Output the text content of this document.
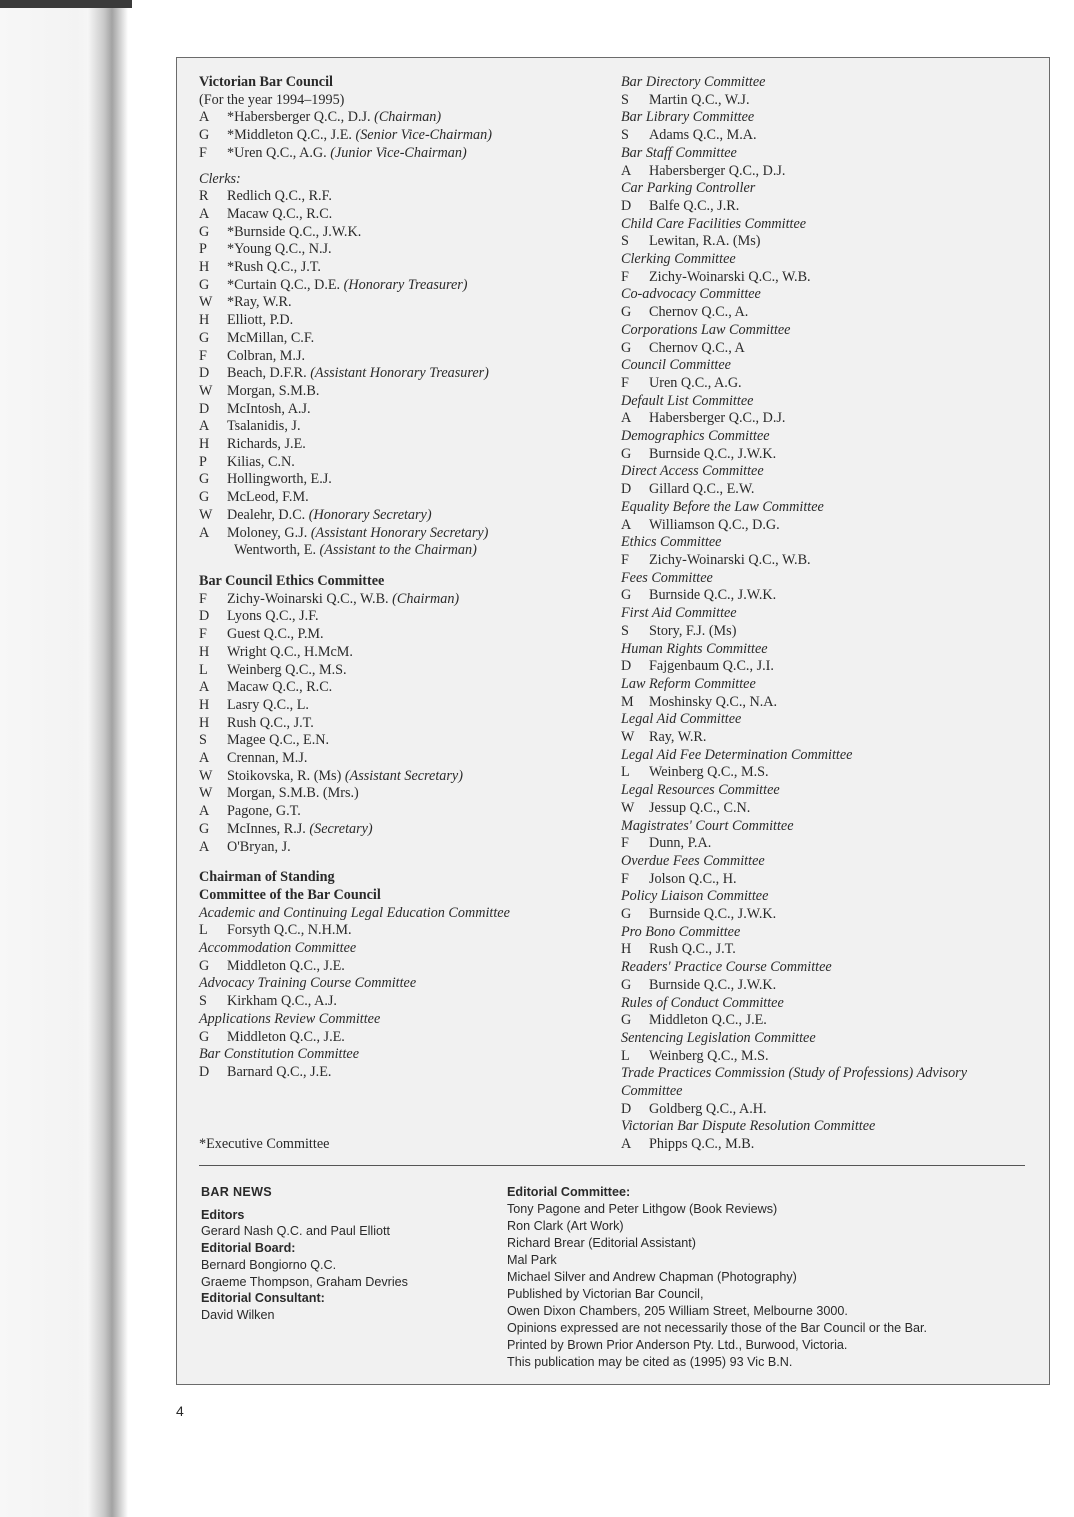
Victorian Bar Council
(For the year 1994–1995)
A *Habersberger Q.C., D.J. (Chairman)
G *Middleton Q.C., J.E. (Senior Vice-Chairman)
F *Uren Q.C., A.G. (Junior Vice-Chairman)
Clerks:
R Redlich Q.C., R.F.
A Macaw Q.C., R.C.
G *Burnside Q.C., J.W.K.
P *Young Q.C., N.J.
H *Rush Q.C., J.T.
G *Curtain Q.C., D.E. (Honorary Treasurer)
W *Ray, W.R.
H Elliott, P.D.
G McMillan, C.F.
F Colbran, M.J.
D Beach, D.F.R. (Assistant Honorary Treasurer)
W Morgan, S.M.B.
D McIntosh, A.J.
A Tsalanidis, J.
H Richards, J.E.
P Kilias, C.N.
G Hollingworth, E.J.
G McLeod, F.M.
W Dealehr, D.C. (Honorary Secretary)
A Moloney, G.J. (Assistant Honorary Secretary)
Wentworth, E. (Assistant to the Chairman)
Bar Council Ethics Committee
F Zichy-Woinarski Q.C., W.B. (Chairman)
D Lyons Q.C., J.F.
F Guest Q.C., P.M.
H Wright Q.C., H.McM.
L Weinberg Q.C., M.S.
A Macaw Q.C., R.C.
H Lasry Q.C., L.
H Rush Q.C., J.T.
S Magee Q.C., E.N.
A Crennan, M.J.
W Stoikovska, R. (Ms) (Assistant Secretary)
W Morgan, S.M.B. (Mrs.)
A Pagone, G.T.
G McInnes, R.J. (Secretary)
A O'Bryan, J.
Chairman of Standing
Committee of the Bar Council
Academic and Continuing Legal Education Committee
L Forsyth Q.C., N.H.M.
Accommodation Committee
G Middleton Q.C., J.E.
Advocacy Training Course Committee
S Kirkham Q.C., A.J.
Applications Review Committee
G Middleton Q.C., J.E.
Bar Constitution Committee
D Barnard Q.C., J.E.
Bar Directory Committee
S Martin Q.C., W.J.
Bar Library Committee
S Adams Q.C., M.A.
Bar Staff Committee
A Habersberger Q.C., D.J.
Car Parking Controller
D Balfe Q.C., J.R.
Child Care Facilities Committee
S Lewitan, R.A. (Ms)
Clerking Committee
F Zichy-Woinarski Q.C., W.B.
Co-advocacy Committee
G Chernov Q.C., A.
Corporations Law Committee
G Chernov Q.C., A
Council Committee
F Uren Q.C., A.G.
Default List Committee
A Habersberger Q.C., D.J.
Demographics Committee
G Burnside Q.C., J.W.K.
Direct Access Committee
D Gillard Q.C., E.W.
Equality Before the Law Committee
A Williamson Q.C., D.G.
Ethics Committee
F Zichy-Woinarski Q.C., W.B.
Fees Committee
G Burnside Q.C., J.W.K.
First Aid Committee
S Story, F.J. (Ms)
Human Rights Committee
D Fajgenbaum Q.C., J.I.
Law Reform Committee
M Moshinsky Q.C., N.A.
Legal Aid Committee
W Ray, W.R.
Legal Aid Fee Determination Committee
L Weinberg Q.C., M.S.
Legal Resources Committee
W Jessup Q.C., C.N.
Magistrates' Court Committee
F Dunn, P.A.
Overdue Fees Committee
F Jolson Q.C., H.
Policy Liaison Committee
G Burnside Q.C., J.W.K.
Pro Bono Committee
H Rush Q.C., J.T.
Readers' Practice Course Committee
G Burnside Q.C., J.W.K.
Rules of Conduct Committee
G Middleton Q.C., J.E.
Sentencing Legislation Committee
L Weinberg Q.C., M.S.
Trade Practices Commission (Study of Professions) Advisory
Committee
D Goldberg Q.C., A.H.
Victorian Bar Dispute Resolution Committee
A Phipps Q.C., M.B.
*Executive Committee
BAR NEWS
Editors
Gerard Nash Q.C. and Paul Elliott
Editorial Board:
Bernard Bongiorno Q.C.
Graeme Thompson, Graham Devries
Editorial Consultant:
David Wilken
Editorial Committee:
Tony Pagone and Peter Lithgow (Book Reviews)
Ron Clark (Art Work)
Richard Brear (Editorial Assistant)
Mal Park
Michael Silver and Andrew Chapman (Photography)
Published by Victorian Bar Council,
Owen Dixon Chambers, 205 William Street, Melbourne 3000.
Opinions expressed are not necessarily those of the Bar Council or the Bar.
Printed by Brown Prior Anderson Pty. Ltd., Burwood, Victoria.
This publication may be cited as (1995) 93 Vic B.N.
4
